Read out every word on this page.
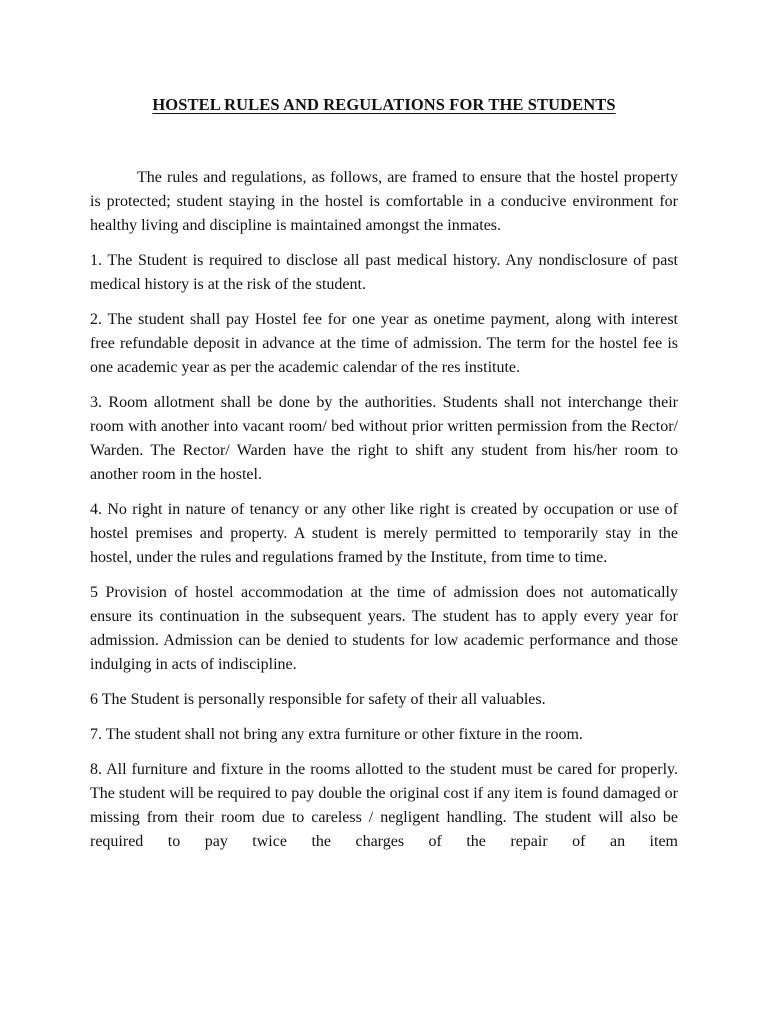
HOSTEL RULES AND REGULATIONS FOR THE STUDENTS

The rules and regulations, as follows, are framed to ensure that the hostel property is protected; student staying in the hostel is comfortable in a conducive environment for healthy living and discipline is maintained amongst the inmates.

1. The Student is required to disclose all past medical history. Any nondisclosure of past medical history is at the risk of the student.

2. The student shall pay Hostel fee for one year as onetime payment, along with interest free refundable deposit in advance at the time of admission. The term for the hostel fee is one academic year as per the academic calendar of the res institute.

3. Room allotment shall be done by the authorities. Students shall not interchange their room with another into vacant room/ bed without prior written permission from the Rector/ Warden. The Rector/ Warden have the right to shift any student from his/her room to another room in the hostel.

4. No right in nature of tenancy or any other like right is created by occupation or use of hostel premises and property. A student is merely permitted to temporarily stay in the hostel, under the rules and regulations framed by the Institute, from time to time.

5 Provision of hostel accommodation at the time of admission does not automatically ensure its continuation in the subsequent years. The student has to apply every year for admission. Admission can be denied to students for low academic performance and those indulging in acts of indiscipline.

6 The Student is personally responsible for safety of their all valuables.

7. The student shall not bring any extra furniture or other fixture in the room.

8. All furniture and fixture in the rooms allotted to the student must be cared for properly. The student will be required to pay double the original cost if any item is found damaged or missing from their room due to careless / negligent handling. The student will also be required to pay twice the charges of the repair of an item
